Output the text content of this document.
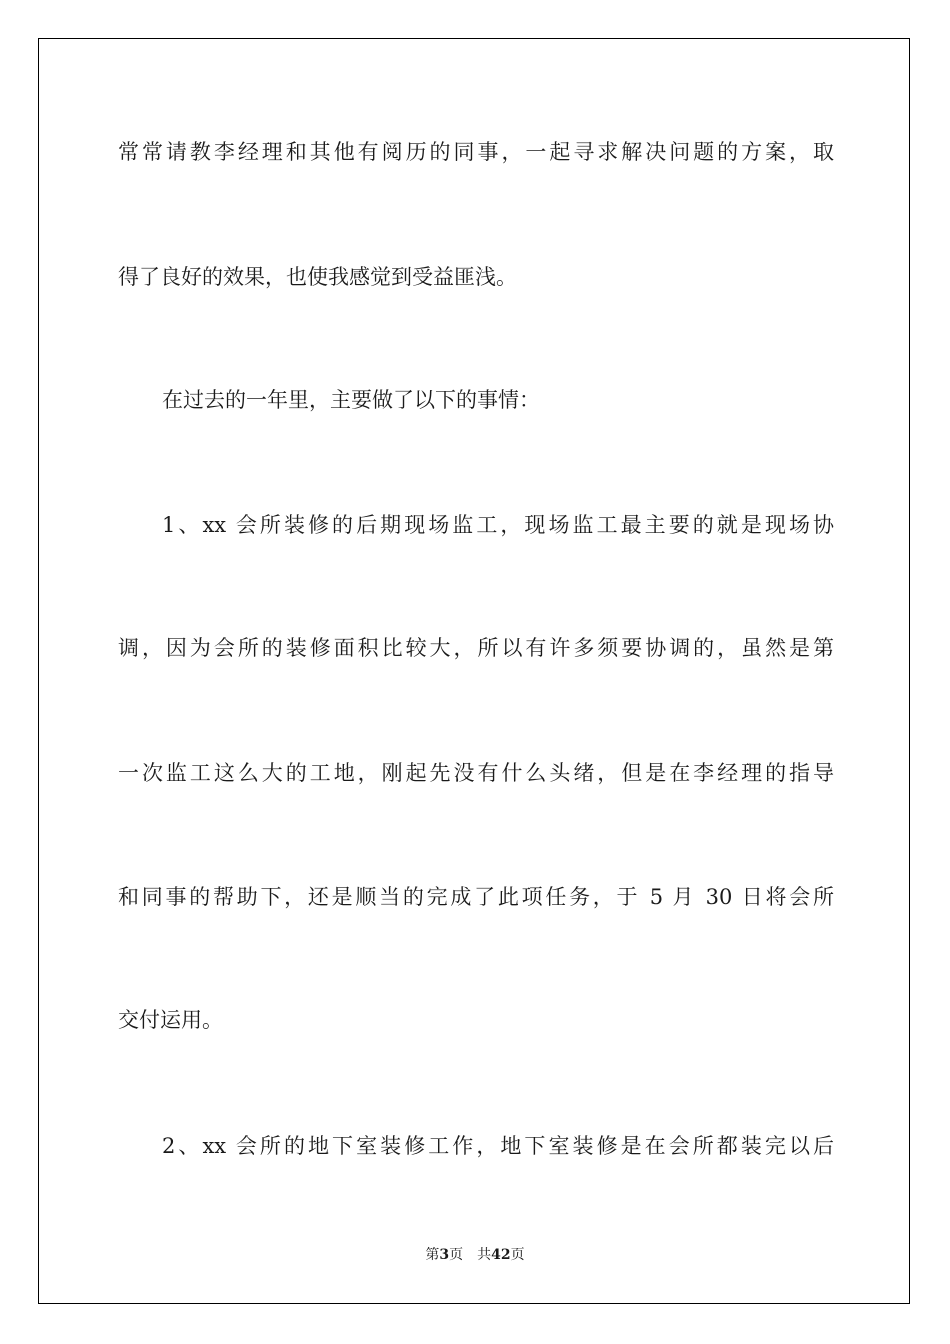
常常请教李经理和其他有阅历的同事，一起寻求解决问题的方案，取
得了良好的效果，也使我感觉到受益匪浅。
在过去的一年里，主要做了以下的事情：
1、xx 会所装修的后期现场监工，现场监工最主要的就是现场协
调，因为会所的装修面积比较大，所以有许多须要协调的，虽然是第
一次监工这么大的工地，刚起先没有什么头绪，但是在李经理的指导
和同事的帮助下，还是顺当的完成了此项任务，于 5 月 30 日将会所
交付运用。
2、xx 会所的地下室装修工作，地下室装修是在会所都装完以后
第3页 共42页
